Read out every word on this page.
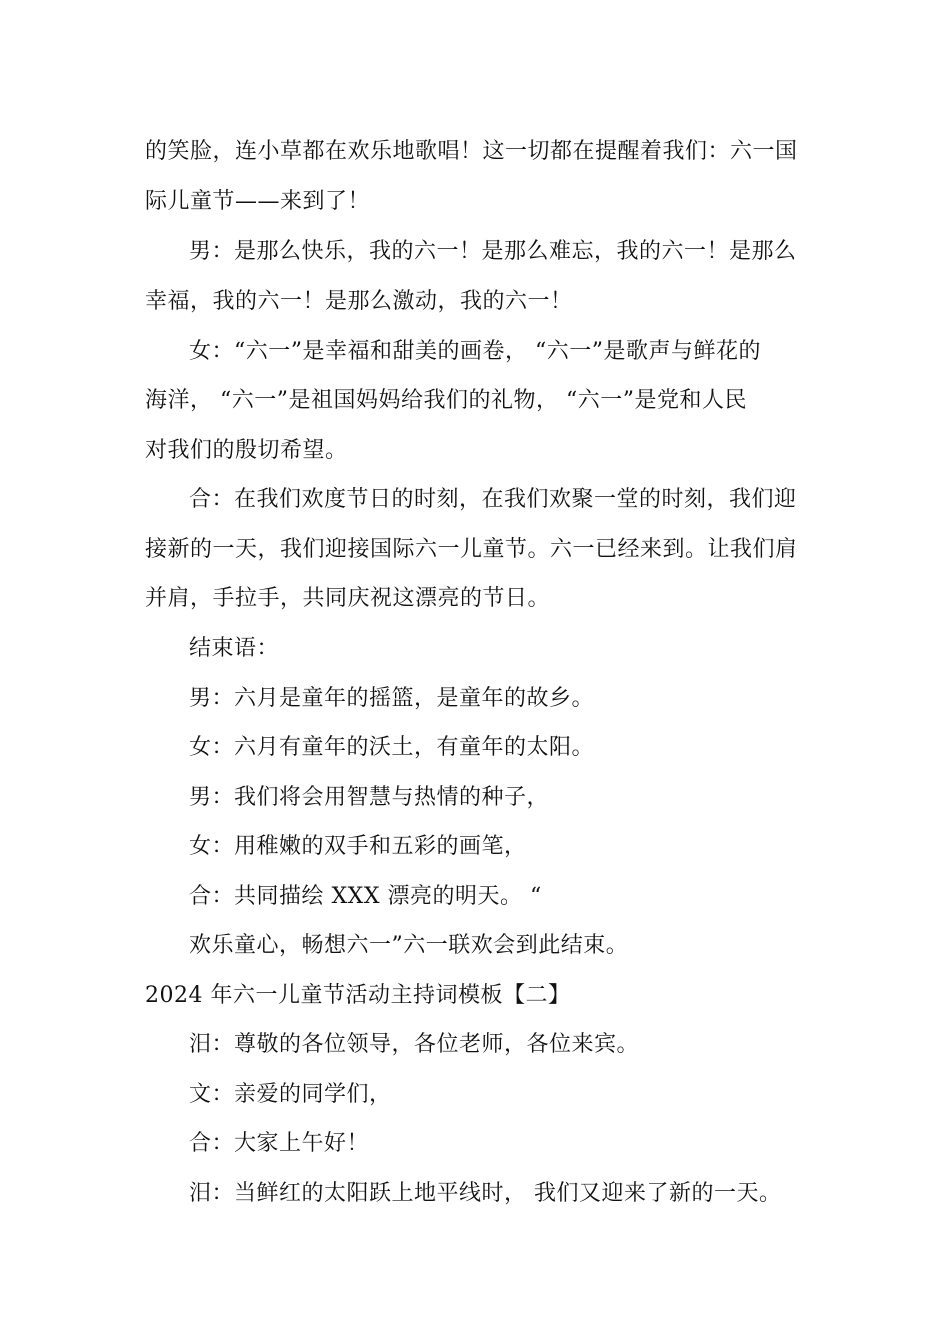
的笑脸，连小草都在欢乐地歌唱！这一切都在提醒着我们：六一国
际儿童节——来到了！
男：是那么快乐，我的六一！是那么难忘，我的六一！是那么
幸福，我的六一！是那么激动，我的六一！
女：“六一”是幸福和甜美的画卷， “六一”是歌声与鲜花的
海洋， “六一”是祖国妈妈给我们的礼物， “六一”是党和人民
对我们的殷切希望。
合：在我们欢度节日的时刻，在我们欢聚一堂的时刻，我们迎
接新的一天，我们迎接国际六一儿童节。六一已经来到。让我们肩
并肩，手拉手，共同庆祝这漂亮的节日。
结束语：
男：六月是童年的摇篮，是童年的故乡。
女：六月有童年的沃土，有童年的太阳。
男：我们将会用智慧与热情的种子，
女：用稚嫩的双手和五彩的画笔，
合：共同描绘 XXX 漂亮的明天。 “
欢乐童心，畅想六一”六一联欢会到此结束。
2024 年六一儿童节活动主持词模板【二】
汨：尊敬的各位领导，各位老师，各位来宾。
文：亲爱的同学们，
合：大家上午好！
汨：当鲜红的太阳跃上地平线时， 我们又迎来了新的一天。
